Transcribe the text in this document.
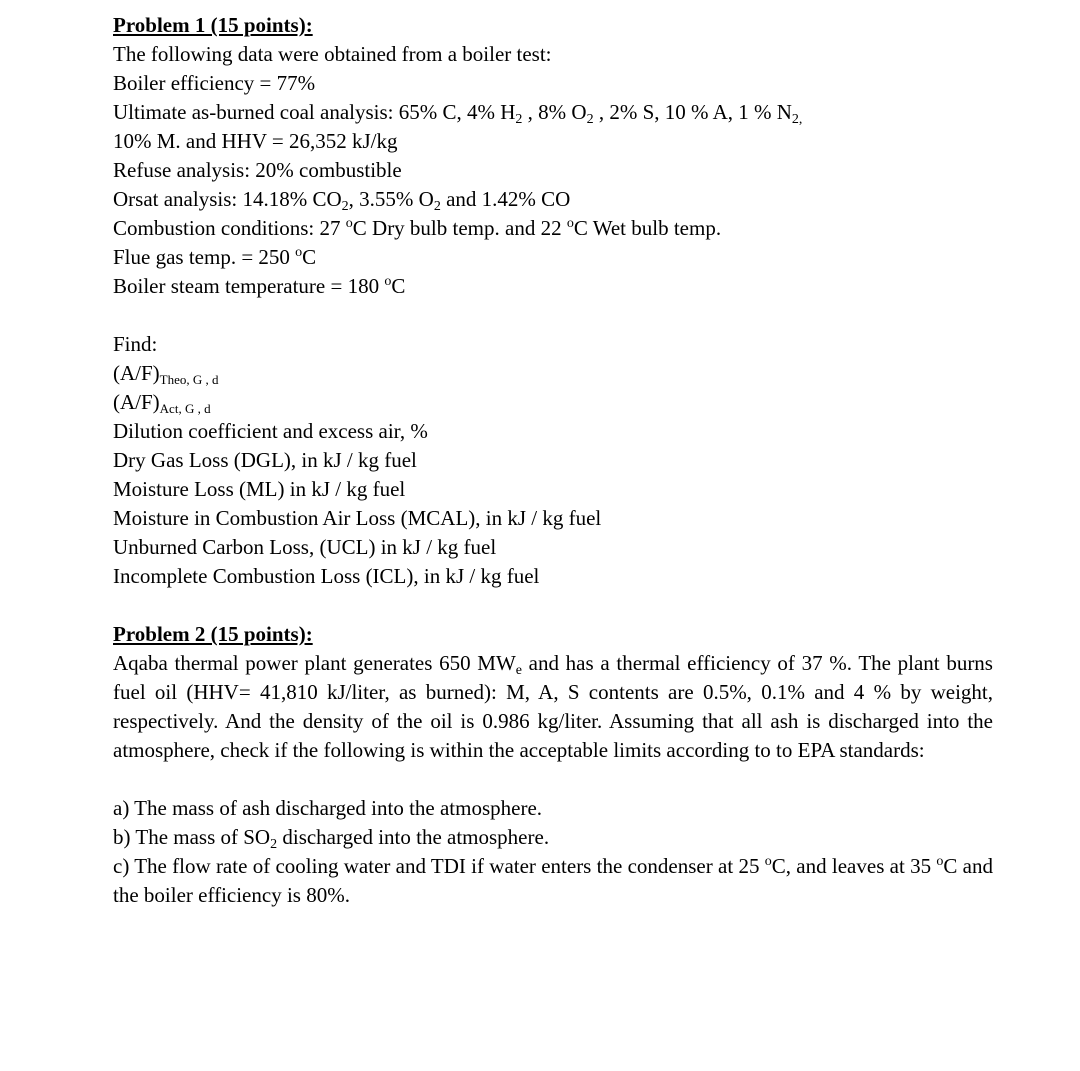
Problem 1 (15 points):
The following data were obtained from a boiler test:
Boiler efficiency = 77%
Ultimate as-burned coal analysis: 65% C, 4% $H_2$ , 8% $O_2$ , 2% S, 10 % A, 1 % $N_{2,}$
10% M. and HHV = 26,352 kJ/kg
Refuse analysis: 20% combustible
Orsat analysis: 14.18% $CO_2$, 3.55% $O_2$ and 1.42% CO
Combustion conditions: 27 $^o$C Dry bulb temp. and 22 $^o$C Wet bulb temp.
Flue gas temp. = 250 $^o$C
Boiler steam temperature = 180 $^o$C
Find:
$(A/F)_{Theo, G , d}$
$(A/F)_{Act, G , d}$
Dilution coefficient and excess air, %
Dry Gas Loss (DGL), in kJ / kg fuel
Moisture Loss (ML) in kJ / kg fuel
Moisture in Combustion Air Loss (MCAL), in kJ / kg fuel
Unburned Carbon Loss, (UCL) in kJ / kg fuel
Incomplete Combustion Loss (ICL), in kJ / kg fuel
Problem 2 (15 points):
Aqaba thermal power plant generates 650 $MW_e$ and has a thermal efficiency of 37 %. The plant burns fuel oil (HHV= 41,810 kJ/liter, as burned): M, A, S contents are 0.5%, 0.1% and 4 % by weight, respectively. And the density of the oil is 0.986 kg/liter. Assuming that all ash is discharged into the atmosphere, check if the following is within the acceptable limits according to to EPA standards:
a) The mass of ash discharged into the atmosphere.
b) The mass of $SO_2$ discharged into the atmosphere.
c) The flow rate of cooling water and TDI if water enters the condenser at 25 $^o$C, and leaves at 35 $^o$C and the boiler efficiency is 80%.
